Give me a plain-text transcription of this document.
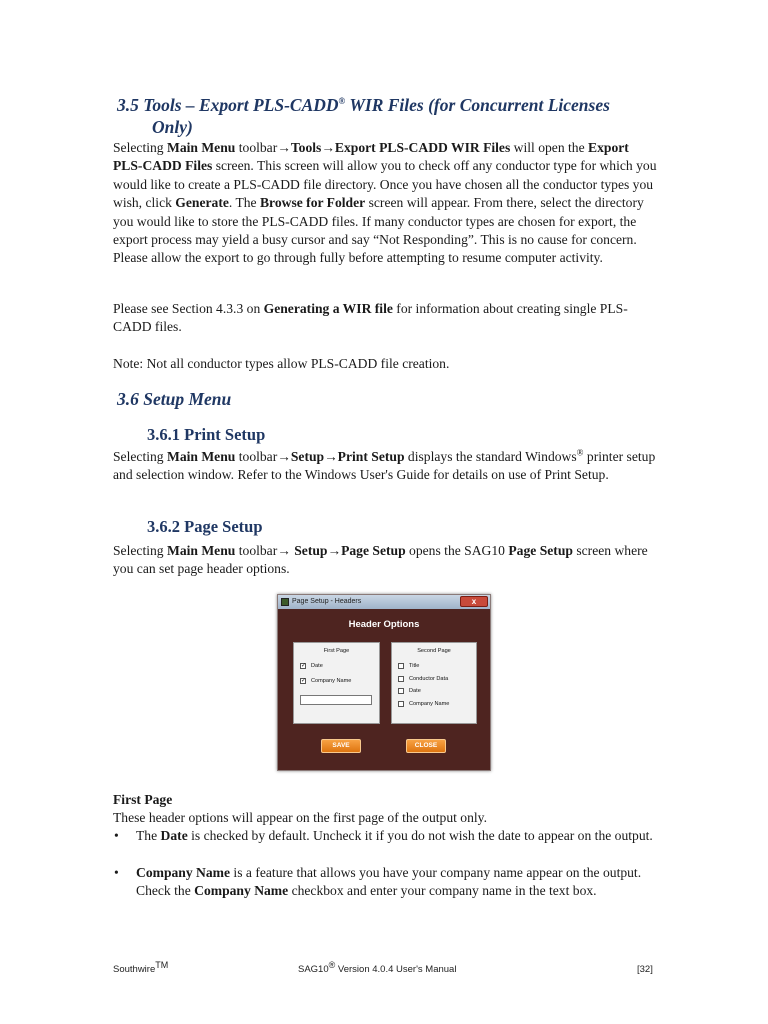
3.5 Tools – Export PLS-CADD® WIR Files (for Concurrent Licenses
Only)
Selecting Main Menu toolbar→Tools→Export PLS-CADD WIR Files will open the Export PLS-CADD Files screen. This screen will allow you to check off any conductor type for which you would like to create a PLS-CADD file directory. Once you have chosen all the conductor types you wish, click Generate. The Browse for Folder screen will appear. From there, select the directory you would like to store the PLS-CADD files. If many conductor types are chosen for export, the export process may yield a busy cursor and say “Not Responding”. This is no cause for concern. Please allow the export to go through fully before attempting to resume computer activity.
Please see Section 4.3.3 on Generating a WIR file for information about creating single PLS-CADD files.
Note: Not all conductor types allow PLS-CADD file creation.
3.6 Setup Menu
3.6.1 Print Setup
Selecting Main Menu toolbar→Setup→Print Setup displays the standard Windows® printer setup and selection window. Refer to the Windows User's Guide for details on use of Print Setup.
3.6.2 Page Setup
Selecting Main Menu toolbar→ Setup→Page Setup opens the SAG10 Page Setup screen where you can set page header options.
Page Setup - Headers	x
Header Options
First Page
✓ Date
✓ Company Name
Second Page
Title
Conductor Data
Date
Company Name
SAVE	CLOSE
First Page
These header options will appear on the first page of the output only.
• The Date is checked by default. Uncheck it if you do not wish the date to appear on the output.
• Company Name is a feature that allows you have your company name appear on the output. Check the Company Name checkbox and enter your company name in the text box.
Southwire™	SAG10® Version 4.0.4 User's Manual	[32]
